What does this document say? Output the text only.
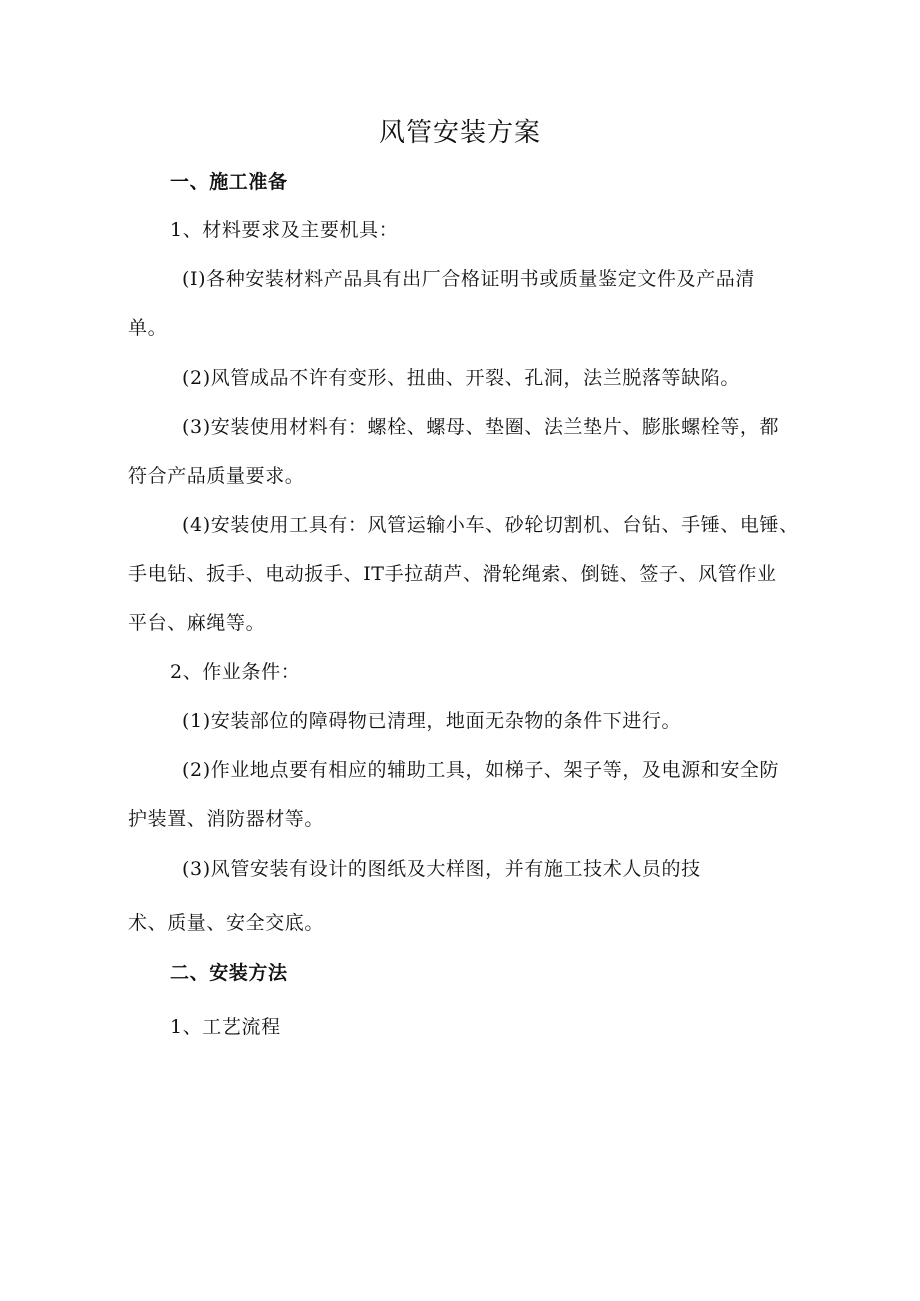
风管安装方案
一、施工准备
1、材料要求及主要机具：
(I)各种安装材料产品具有出厂合格证明书或质量鉴定文件及产品清
单。
(2)风管成品不许有变形、扭曲、开裂、孔洞，法兰脱落等缺陷。
(3)安装使用材料有：螺栓、螺母、垫圈、法兰垫片、膨胀螺栓等，都
符合产品质量要求。
(4)安装使用工具有：风管运输小车、砂轮切割机、台钻、手锤、电锤、
手电钻、扳手、电动扳手、IT手拉葫芦、滑轮绳索、倒链、签子、风管作业
平台、麻绳等。
2、作业条件：
(1)安装部位的障碍物已清理，地面无杂物的条件下进行。
(2)作业地点要有相应的辅助工具，如梯子、架子等，及电源和安全防
护装置、消防器材等。
(3)风管安装有设计的图纸及大样图，并有施工技术人员的技
术、质量、安全交底。
二、安装方法
1、工艺流程
